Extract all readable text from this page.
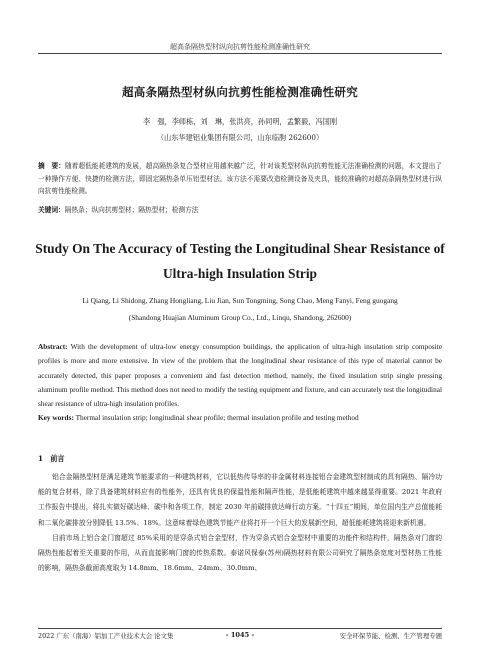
超高条隔热型材纵向抗剪性能检测准确性研究
超高条隔热型材纵向抗剪性能检测准确性研究
李　强，李师栋，刘　琳，张洪亮，孙同明，孟繁毅，冯国刚
（山东华建铝业集团有限公司，山东临朐 262600）
摘　要：随着超低能耗建筑的发展，超高隔热条复合型材应用越来越广泛，针对该类型材纵向抗剪性能无法准确检测的问题，本文提出了一种操作方便、快捷的检测方法，即固定隔热条单压铝型材法。该方法不需要改造检测设备及夹具，能较准确的对超高条隔热型材进行纵向抗剪性能检测。
关键词：隔热条；纵向抗剪型材；隔热型材；检测方法
Study On The Accuracy of Testing the Longitudinal Shear Resistance of
Ultra-high Insulation Strip
Li Qiang, Li Shidong, Zhang Hongliang, Liu Jian, Sun Tongming, Song Chao, Meng Fanyi, Feng guogang
(Shandong Huajian Aluminum Group Co., Ltd., Linqu, Shandong, 262600)
Abstract: With the development of ultra-low energy consumption buildings, the application of ultra-high insulation strip composite profiles is more and more extensive. In view of the problem that the longitudinal shear resistance of this type of material cannot be accurately detected, this paper proposes a convenient and fast detection method, namely, the fixed insulation strip single pressing aluminum profile method. This method does not need to modify the testing equipment and fixture, and can accurately test the longitudinal shear resistance of ultra-high insulation profiles.
Key words: Thermal insulation strip; longitudinal shear profile; thermal insulation profile and testing method
1　前言

铝合金隔热型材是满足建筑节能要求的一种建筑材料，它以低热传导率的非金属材料连接铝合金建筑型材制成的具有隔热、隔冷功能的复合材料，除了具备建筑材料应有的性能外，还具有优良的保温性能和隔声性能，是低能耗建筑中越来越显得重要。2021 年政府工作报告中提出，将扎实做好碳达峰、碳中和各项工作，制定 2030 年前碳排放达峰行动方案。“十四五”期间，单位国内生产总值能耗和二氧化碳排放分别降低 13.5%、18%。这意味着绿色建筑节能产业将打开一个巨大的发展新空间，超低能耗建筑将迎来新机遇。

目前市场上铝合金门窗超过 85%采用的是穿条式铝合金型材，作为穿条式铝合金型材中重要的功能件和结构件，隔热条对门窗的隔热性能起着至关重要的作用，从而直接影响门窗的传热系数。泰诺风保泰(苏州)隔热材料有限公司研究了隔热条宽度对型材热工性能的影响，隔热条截面高度取为 14.8mm、18.6mm、24mm、30.0mm、

2022 广东（南海）铝加工产业技术大会 论文集	- 1045 -	安全环保节能、检测、生产管理专题
